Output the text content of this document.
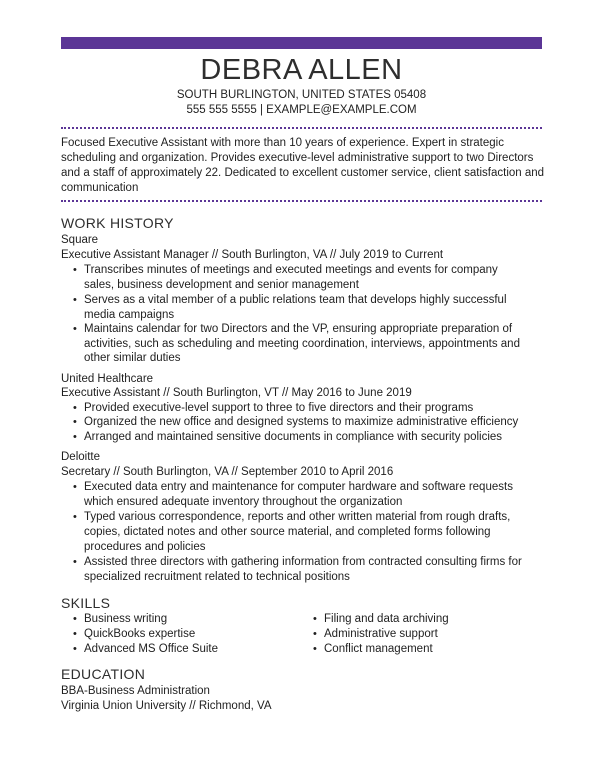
DEBRA ALLEN
SOUTH BURLINGTON, UNITED STATES 05408
555 555 5555 | EXAMPLE@EXAMPLE.COM
Focused Executive Assistant with more than 10 years of experience. Expert in strategic
scheduling and organization. Provides executive-level administrative support to two Directors
and a staff of approximately 22. Dedicated to excellent customer service, client satisfaction and
communication
WORK HISTORY
Square
Executive Assistant Manager // South Burlington, VA // July 2019 to Current
• Transcribes minutes of meetings and executed meetings and events for company
sales, business development and senior management
• Serves as a vital member of a public relations team that develops highly successful
media campaigns
• Maintains calendar for two Directors and the VP, ensuring appropriate preparation of
activities, such as scheduling and meeting coordination, interviews, appointments and
other similar duties
United Healthcare
Executive Assistant // South Burlington, VT // May 2016 to June 2019
• Provided executive-level support to three to five directors and their programs
• Organized the new office and designed systems to maximize administrative efficiency
• Arranged and maintained sensitive documents in compliance with security policies
Deloitte
Secretary // South Burlington, VA // September 2010 to April 2016
• Executed data entry and maintenance for computer hardware and software requests
which ensured adequate inventory throughout the organization
• Typed various correspondence, reports and other written material from rough drafts,
copies, dictated notes and other source material, and completed forms following
procedures and policies
• Assisted three directors with gathering information from contracted consulting firms for
specialized recruitment related to technical positions
SKILLS
• Business writing
• QuickBooks expertise
• Advanced MS Office Suite
• Filing and data archiving
• Administrative support
• Conflict management
EDUCATION
BBA-Business Administration
Virginia Union University // Richmond, VA
